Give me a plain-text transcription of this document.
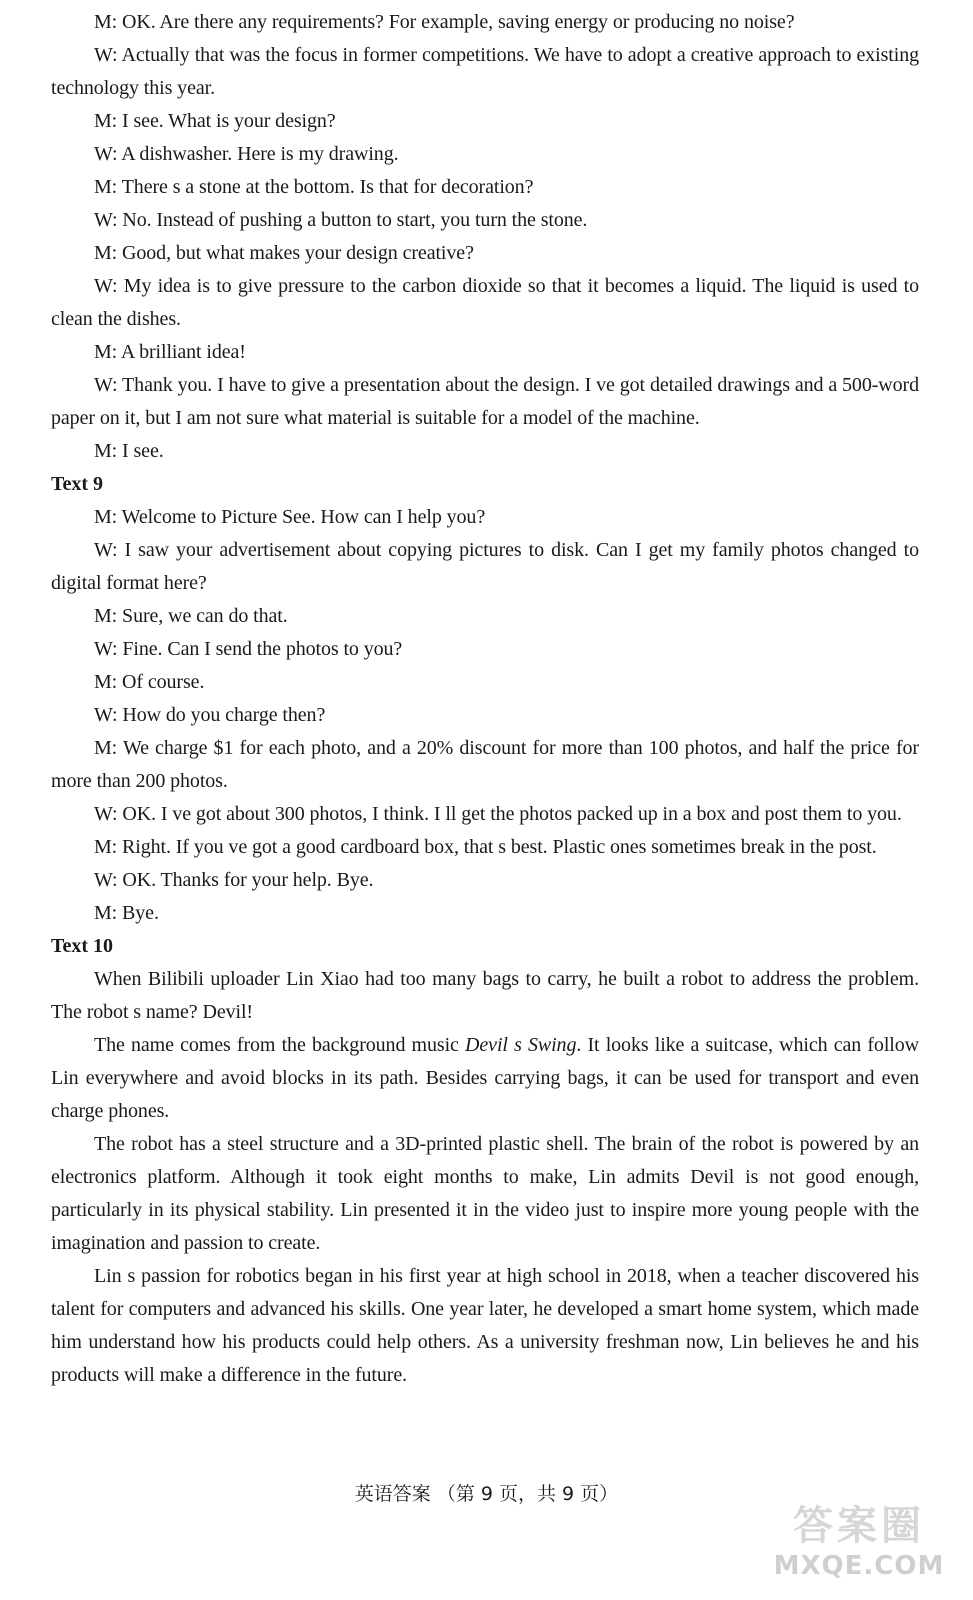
M: OK. Are there any requirements? For example, saving energy or producing no noise?

W: Actually that was the focus in former competitions. We have to adopt a creative approach to existing technology this year.

M: I see. What is your design?

W: A dishwasher. Here is my drawing.

M: There s a stone at the bottom. Is that for decoration?

W: No. Instead of pushing a button to start, you turn the stone.

M: Good, but what makes your design creative?

W: My idea is to give pressure to the carbon dioxide so that it becomes a liquid. The liquid is used to clean the dishes.

M: A brilliant idea!

W: Thank you. I have to give a presentation about the design. I ve got detailed drawings and a 500-word paper on it, but I am not sure what material is suitable for a model of the machine.

M: I see.

Text 9

M: Welcome to Picture See. How can I help you?

W: I saw your advertisement about copying pictures to disk. Can I get my family photos changed to digital format here?

M: Sure, we can do that.

W: Fine. Can I send the photos to you?

M: Of course.

W: How do you charge then?

M: We charge $1 for each photo, and a 20% discount for more than 100 photos, and half the price for more than 200 photos.

W: OK. I ve got about 300 photos, I think. I ll get the photos packed up in a box and post them to you.

M: Right. If you ve got a good cardboard box, that s best. Plastic ones sometimes break in the post.

W: OK. Thanks for your help. Bye.

M: Bye.

Text 10

When Bilibili uploader Lin Xiao had too many bags to carry, he built a robot to address the problem. The robot s name? Devil!

The name comes from the background music Devil s Swing. It looks like a suitcase, which can follow Lin everywhere and avoid blocks in its path. Besides carrying bags, it can be used for transport and even charge phones.

The robot has a steel structure and a 3D-printed plastic shell. The brain of the robot is powered by an electronics platform. Although it took eight months to make, Lin admits Devil is not good enough, particularly in its physical stability. Lin presented it in the video just to inspire more young people with the imagination and passion to create.

Lin s passion for robotics began in his first year at high school in 2018, when a teacher discovered his talent for computers and advanced his skills. One year later, he developed a smart home system, which made him understand how his products could help others. As a university freshman now, Lin believes he and his products will make a difference in the future.

英语答案 （第 9 页，共 9 页）
答案圈
MXQE.COM
